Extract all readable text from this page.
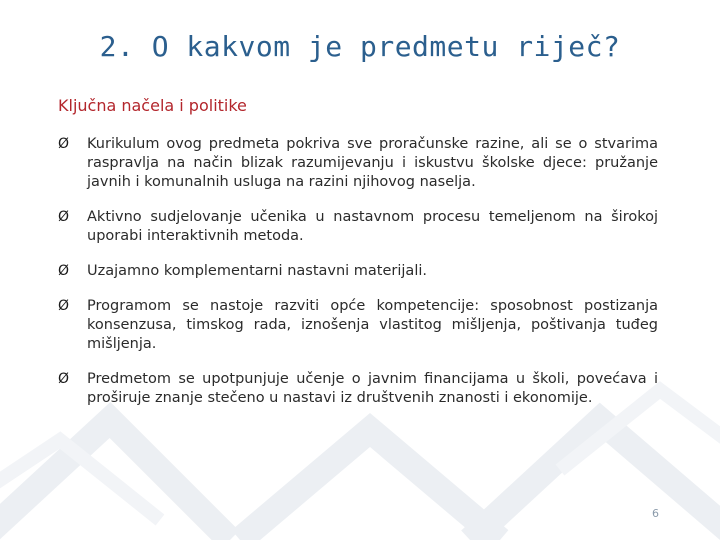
2. O kakvom je predmetu riječ?
Ključna načela i politike
Ø Kurikulum ovog predmeta pokriva sve proračunske razine, ali se o stvarima raspravlja na način blizak razumijevanju i iskustvu školske djece: pružanje javnih i komunalnih usluga na razini njihovog naselja.
Ø Aktivno sudjelovanje učenika u nastavnom procesu temeljenom na širokoj uporabi interaktivnih metoda.
Ø Uzajamno komplementarni nastavni materijali.
Ø Programom se nastoje razviti opće kompetencije: sposobnost postizanja konsenzusa, timskog rada, iznošenja vlastitog mišljenja, poštivanja tuđeg mišljenja.
Ø Predmetom se upotpunjuje učenje o javnim financijama u školi, povećava i proširuje znanje stečeno u nastavi iz društvenih znanosti i ekonomije.
6
